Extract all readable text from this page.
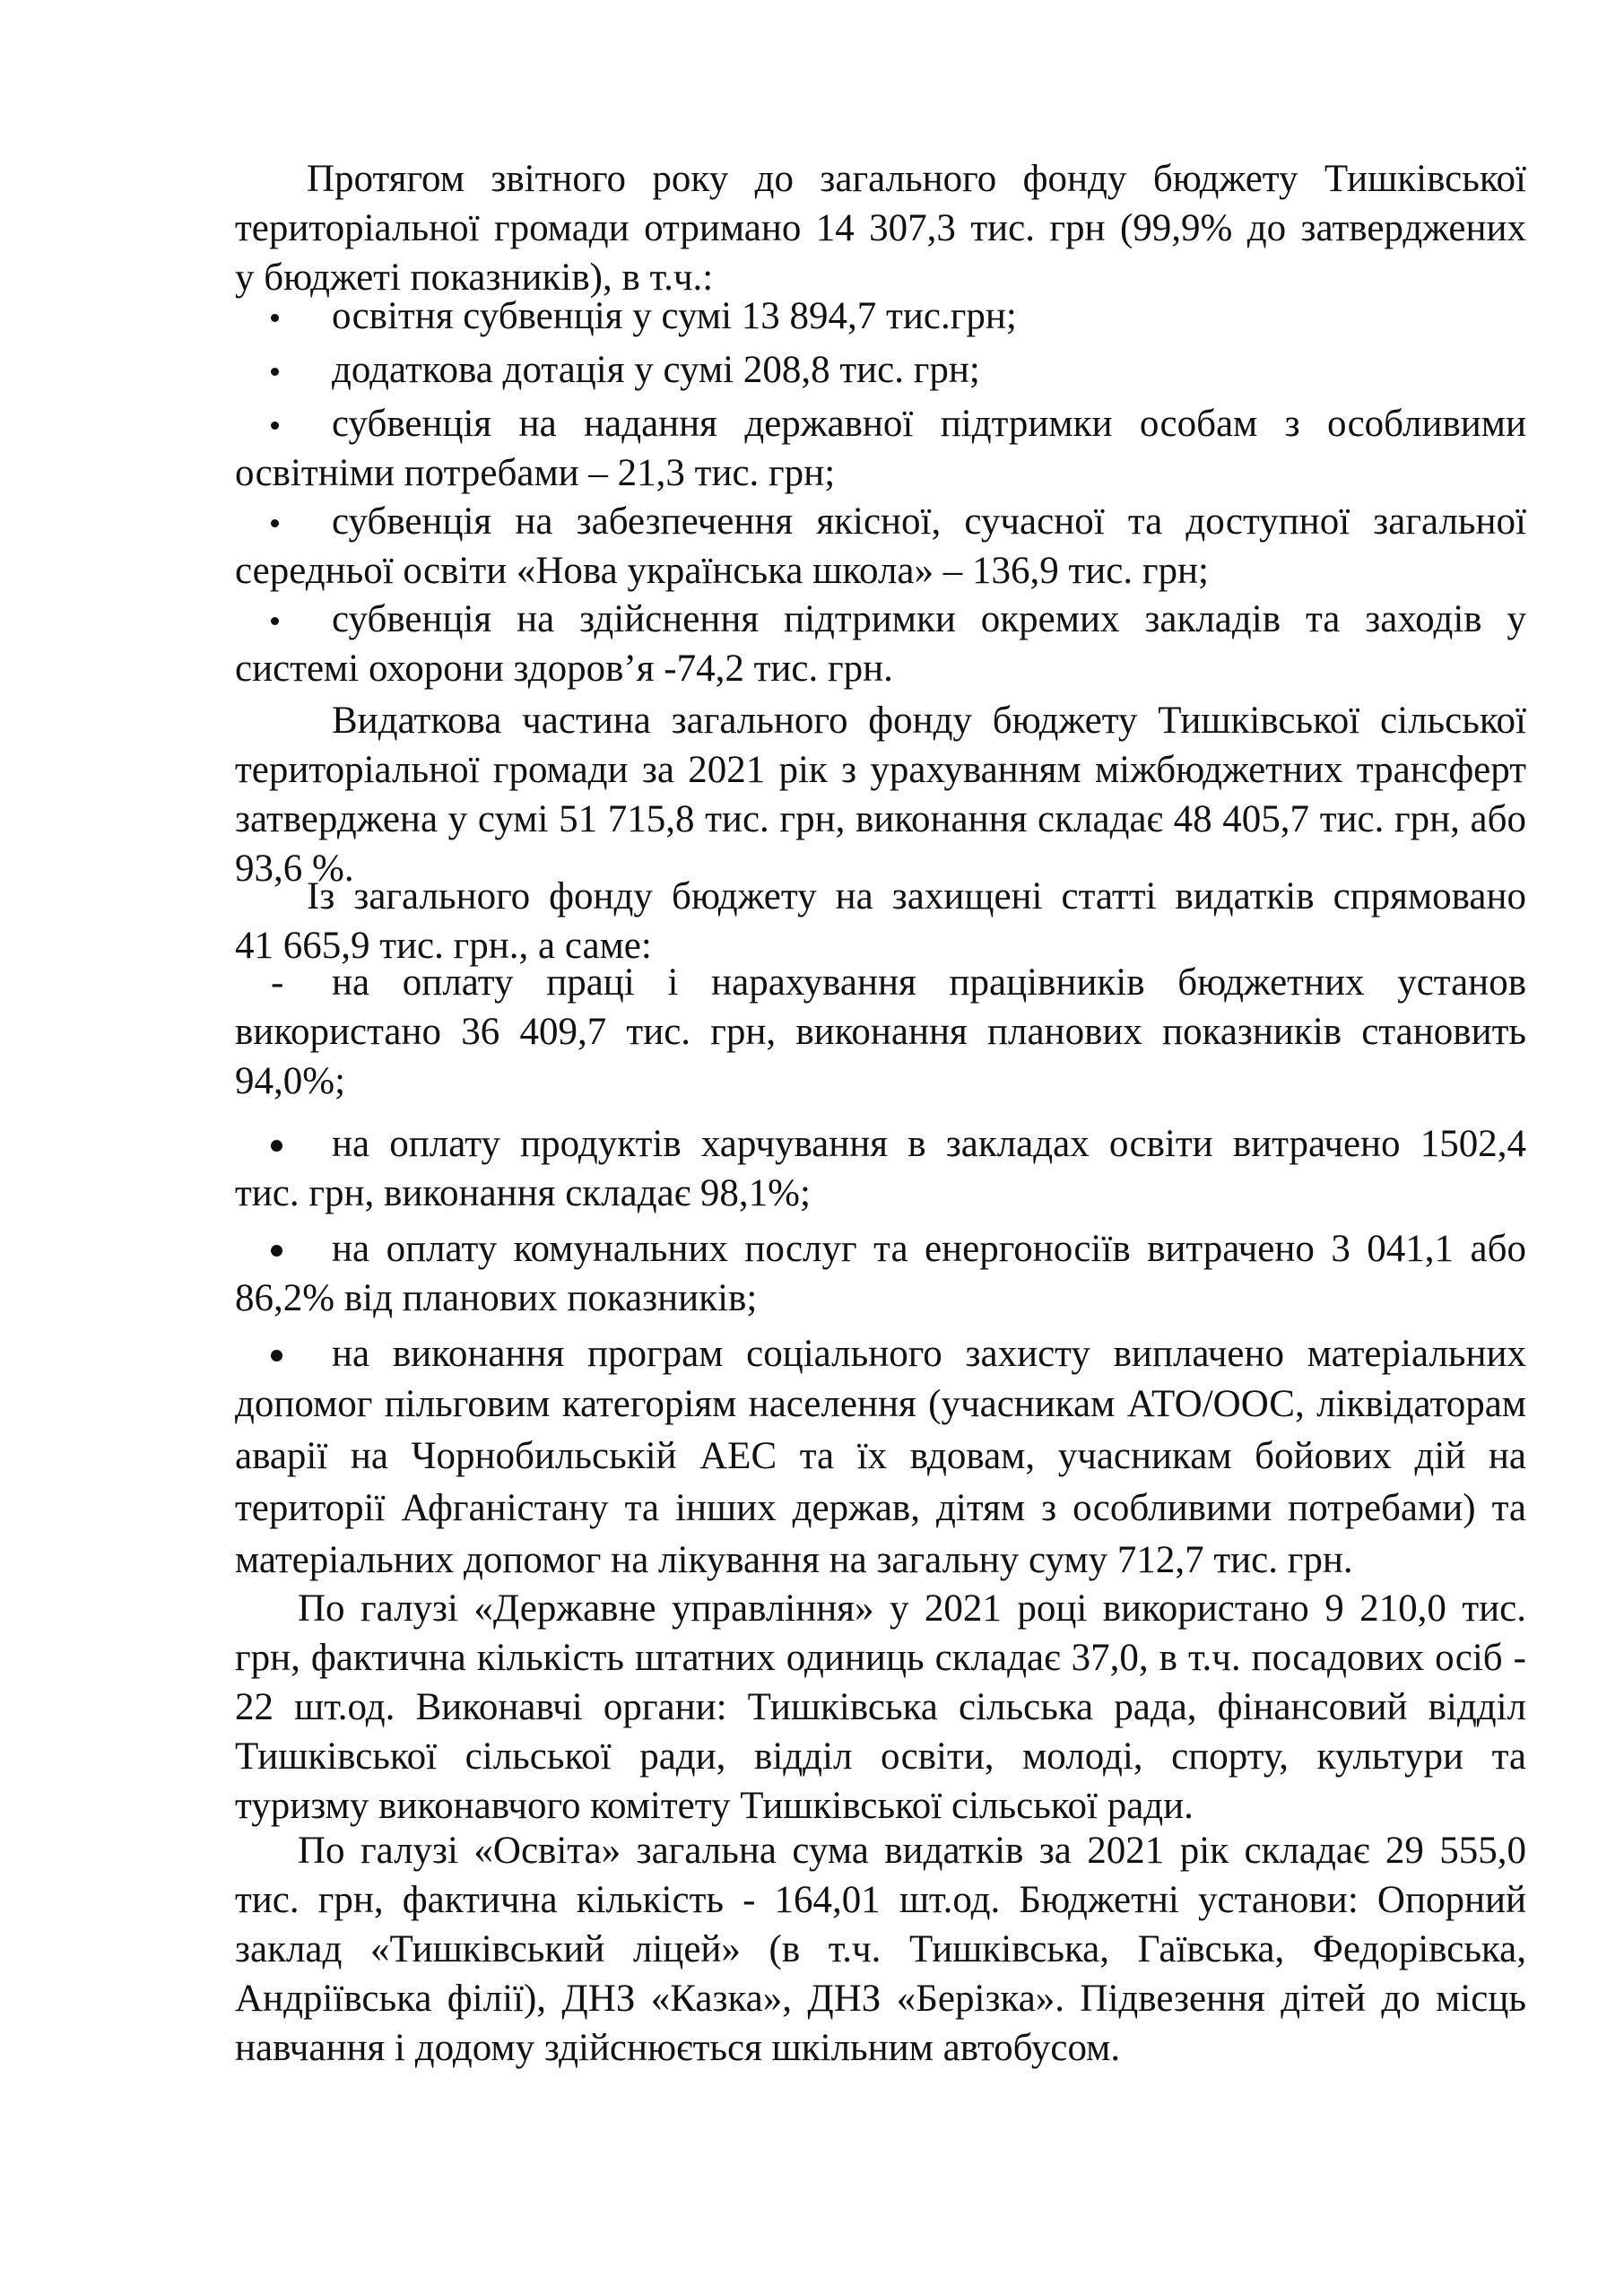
Протягом звітного року до загального фонду бюджету Тишківської
територіальної громади отримано 14 307,3 тис. грн (99,9% до затверджених
у бюджеті показників), в т.ч.:
освітня субвенція у сумі 13 894,7 тис.грн;
додаткова дотація у сумі 208,8 тис. грн;
субвенція на надання державної підтримки особам з особливими
освітніми потребами – 21,3 тис. грн;
субвенція на забезпечення якісної, сучасної та доступної загальної
середньої освіти «Нова українська школа» – 136,9 тис. грн;
субвенція на здійснення підтримки окремих закладів та заходів у
системі охорони здоров’я -74,2 тис. грн.
Видаткова частина загального фонду бюджету Тишківської сільської
територіальної громади за 2021 рік з урахуванням міжбюджетних трансферт
затверджена у сумі 51 715,8 тис. грн, виконання складає 48 405,7 тис. грн, або
93,6 %.
Із загального фонду бюджету на захищені статті видатків спрямовано
41 665,9 тис. грн., а саме:
-	на оплату праці і нарахування працівників бюджетних установ
використано 36 409,7 тис. грн, виконання планових показників становить
94,0%;
на оплату продуктів харчування в закладах освіти витрачено 1502,4
тис. грн, виконання складає 98,1%;
на оплату комунальних послуг та енергоносіїв витрачено 3 041,1 або
86,2% від планових показників;
на виконання програм соціального захисту виплачено матеріальних
допомог пільговим категоріям населення (учасникам АТО/ООС, ліквідаторам
аварії на Чорнобильській АЕС та їх вдовам, учасникам бойових дій на
території Афганістану та інших держав, дітям з особливими потребами) та
матеріальних допомог на лікування на загальну суму 712,7 тис. грн.
По галузі «Державне управління» у 2021 році використано 9 210,0 тис.
грн, фактична кількість штатних одиниць складає 37,0, в т.ч. посадових осіб -
22 шт.од. Виконавчі органи: Тишківська сільська рада, фінансовий відділ
Тишківської сільської ради, відділ освіти, молоді, спорту, культури та
туризму виконавчого комітету Тишківської сільської ради.
По галузі «Освіта» загальна сума видатків за 2021 рік складає 29 555,0
тис. грн, фактична кількість - 164,01 шт.од. Бюджетні установи: Опорний
заклад «Тишківський ліцей» (в т.ч. Тишківська, Гаївська, Федорівська,
Андріївська філії), ДНЗ «Казка», ДНЗ «Берізка». Підвезення дітей до місць
навчання і додому здійснюється шкільним автобусом.
